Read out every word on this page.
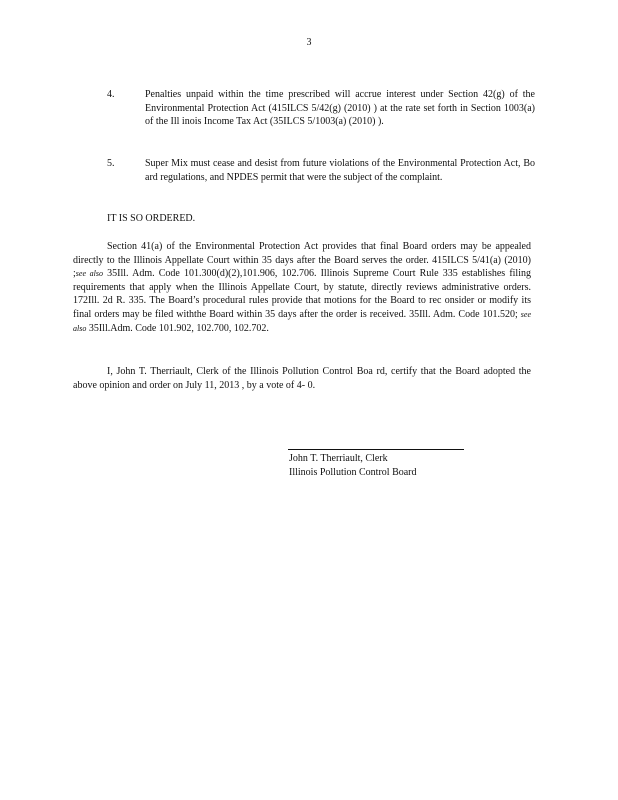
3
4.	Penalties unpaid within the time prescribed will accrue interest under Section 42(g) of the Environmental Protection Act (415ILCS 5/42(g) (2010) ) at the rate set forth in Section 1003(a) of the Ill inois Income Tax Act (35ILCS 5/1003(a) (2010) ).
5.	Super Mix must cease and desist from future violations of the Environmental Protection Act, Bo ard regulations, and NPDES permit that were the subject of the complaint.
IT IS SO ORDERED.
Section 41(a) of the Environmental Protection Act provides that final Board orders may be appealed directly to the Illinois Appellate Court within 35 days after the Board serves the order. 415ILCS 5/41(a) (2010) ;see also 35Ill. Adm. Code 101.300(d)(2),101.906, 102.706. Illinois Supreme Court Rule 335 establishes filing requirements that apply when the Illinois Appellate Court, by statute, directly reviews administrative orders. 172Ill. 2d R. 335. The Board’s procedural rules provide that motions for the Board to rec onsider or modify its final orders may be filed withthe Board within 35 days after the order is received. 35Ill. Adm. Code 101.520; see also 35Ill.Adm. Code 101.902, 102.700, 102.702.
I, John T. Therriault, Clerk of the Illinois Pollution Control Boa rd, certify that the Board adopted the above opinion and order on July 11, 2013 , by a vote of 4- 0.
John T. Therriault, Clerk
Illinois Pollution Control Board
